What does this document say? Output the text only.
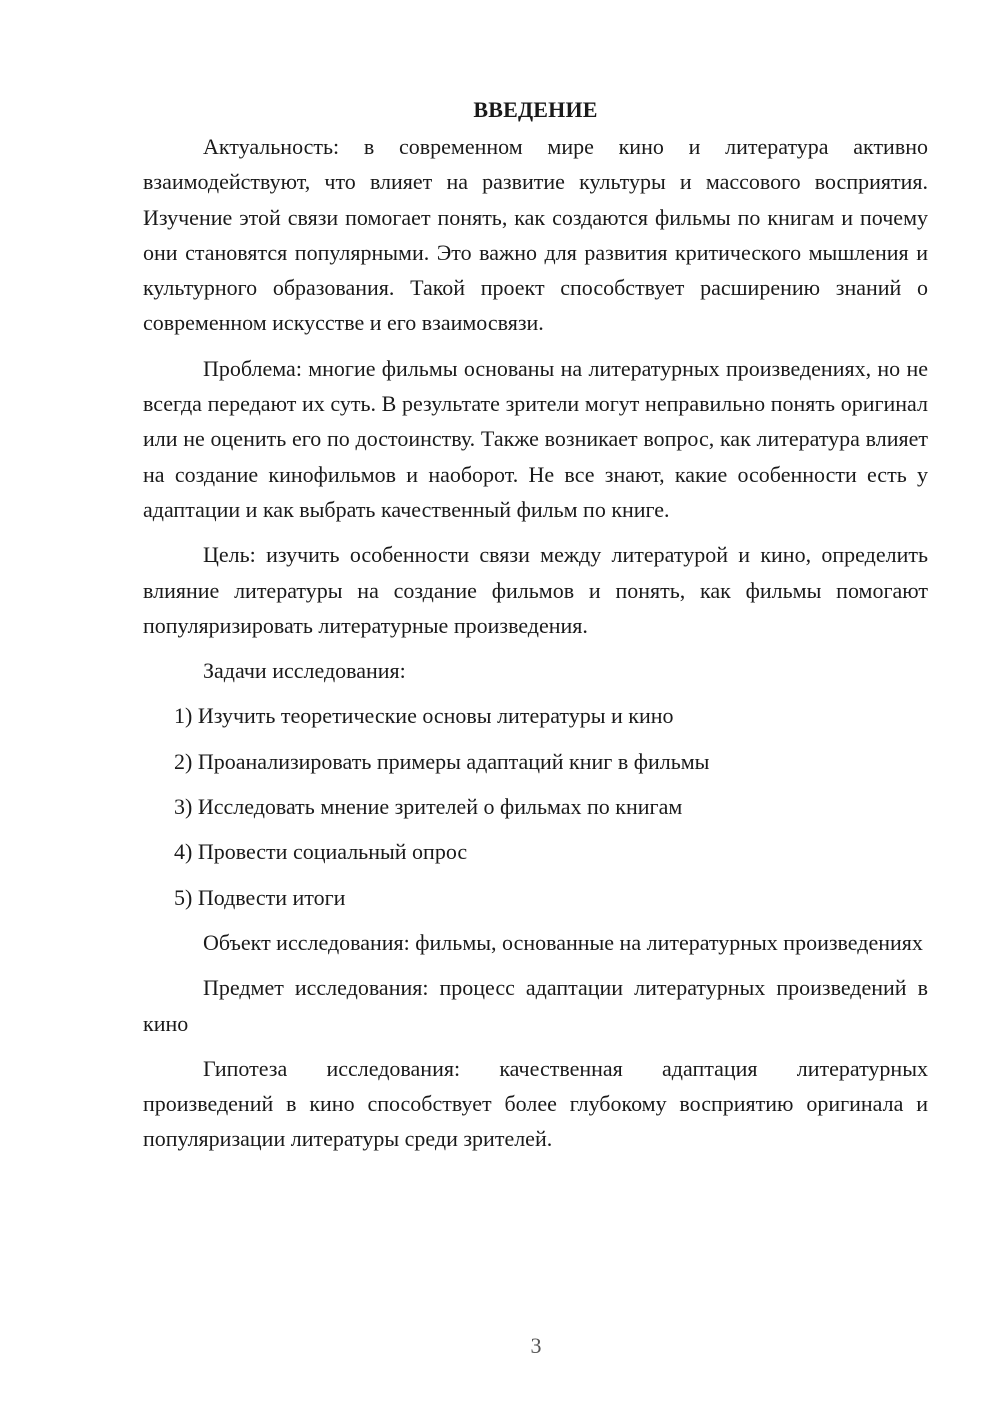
ВВЕДЕНИЕ

Актуальность: в современном мире кино и литература активно взаимодействуют, что влияет на развитие культуры и массового восприятия. Изучение этой связи помогает понять, как создаются фильмы по книгам и почему они становятся популярными. Это важно для развития критического мышления и культурного образования. Такой проект способствует расширению знаний о современном искусстве и его взаимосвязи.

Проблема: многие фильмы основаны на литературных произведениях, но не всегда передают их суть. В результате зрители могут неправильно понять оригинал или не оценить его по достоинству. Также возникает вопрос, как литература влияет на создание кинофильмов и наоборот. Не все знают, какие особенности есть у адаптации и как выбрать качественный фильм по книге.

Цель: изучить особенности связи между литературой и кино, определить влияние литературы на создание фильмов и понять, как фильмы помогают популяризировать литературные произведения.

Задачи исследования:

1) Изучить теоретические основы литературы и кино
2) Проанализировать примеры адаптаций книг в фильмы
3) Исследовать мнение зрителей о фильмах по книгам
4) Провести социальный опрос
5) Подвести итоги

Объект исследования: фильмы, основанные на литературных произведениях

Предмет исследования: процесс адаптации литературных произведений в кино

Гипотеза исследования: качественная адаптация литературных произведений в кино способствует более глубокому восприятию оригинала и популяризации литературы среди зрителей.

3
